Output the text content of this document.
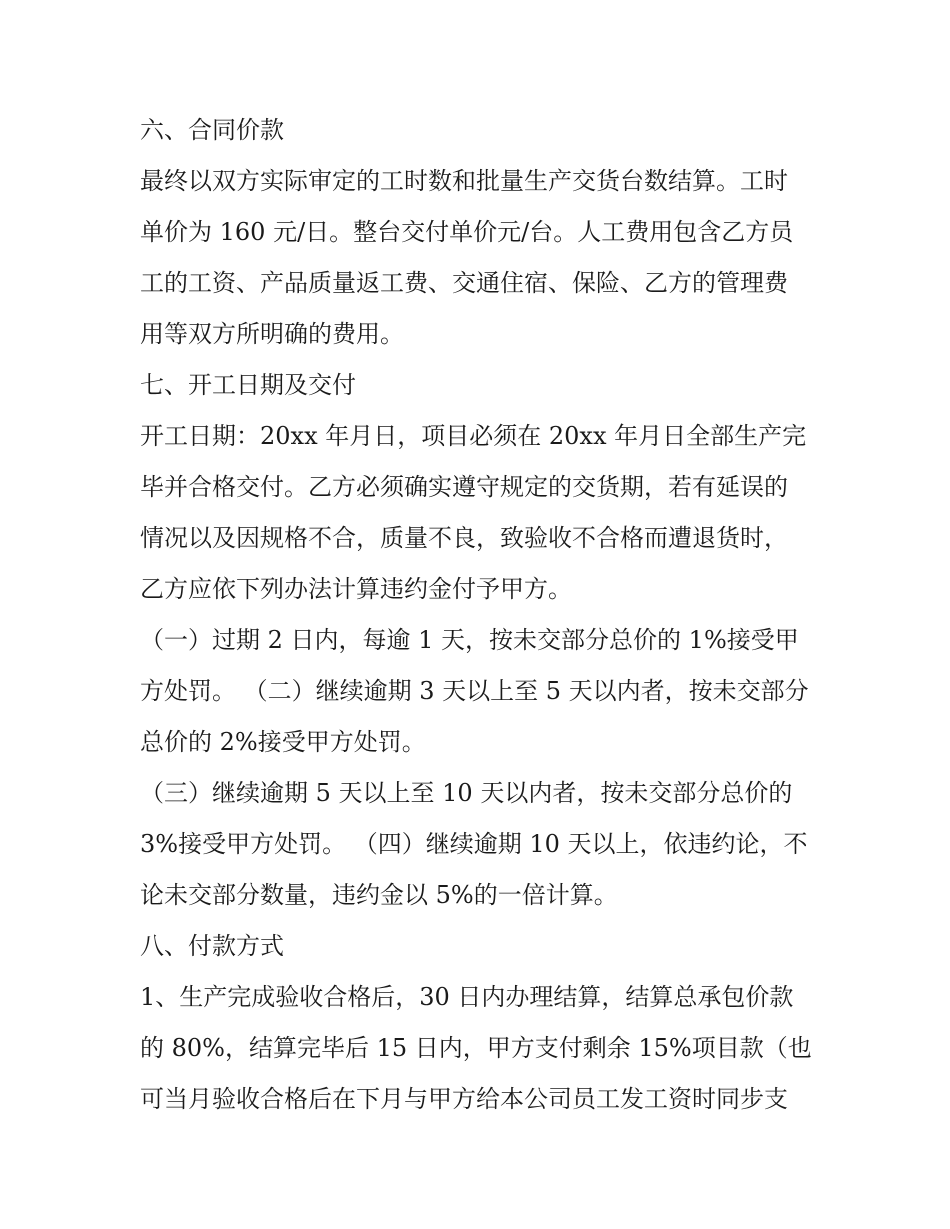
六、合同价款
最终以双方实际审定的工时数和批量生产交货台数结算。工时
单价为 160 元/日。整台交付单价元/台。人工费用包含乙方员
工的工资、产品质量返工费、交通住宿、保险、乙方的管理费
用等双方所明确的费用。
七、开工日期及交付
开工日期：20xx 年月日，项目必须在 20xx 年月日全部生产完
毕并合格交付。乙方必须确实遵守规定的交货期，若有延误的
情况以及因规格不合，质量不良，致验收不合格而遭退货时，
乙方应依下列办法计算违约金付予甲方。
（一）过期 2 日内，每逾 1 天，按未交部分总价的 1%接受甲
方处罚。 （二）继续逾期 3 天以上至 5 天以内者，按未交部分
总价的 2%接受甲方处罚。
（三）继续逾期 5 天以上至 10 天以内者，按未交部分总价的
3%接受甲方处罚。 （四）继续逾期 10 天以上，依违约论，不
论未交部分数量，违约金以 5%的一倍计算。
八、付款方式
1、生产完成验收合格后，30 日内办理结算，结算总承包价款
的 80%，结算完毕后 15 日内，甲方支付剩余 15%项目款（也
可当月验收合格后在下月与甲方给本公司员工发工资时同步支
